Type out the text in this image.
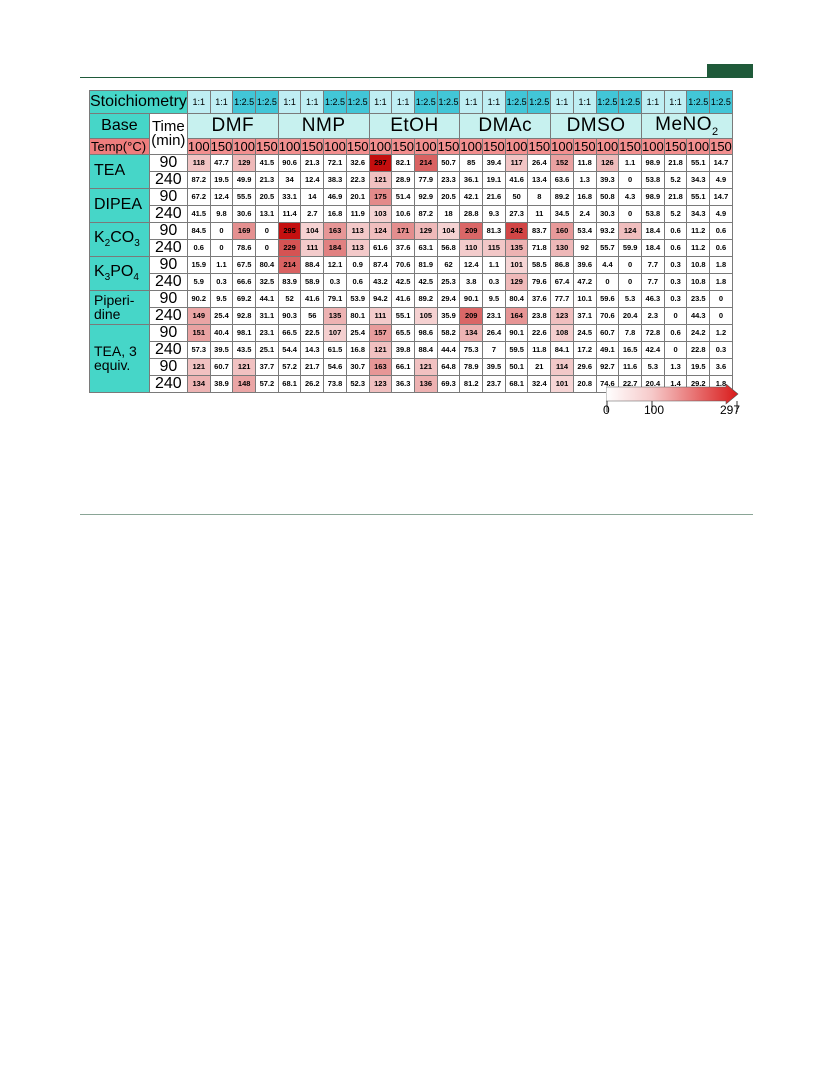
Stoichiometry		1:1	1:1	1:2.5	1:2.5	1:1	1:1	1:2.5	1:2.5	1:1	1:1	1:2.5	1:2.5	1:1	1:1	1:2.5	1:2.5	1:1	1:1	1:2.5	1:2.5	1:1	1:1	1:2.5	1:2.5
Base	Time (min)	DMF				NMP				EtOH				DMAc				DMSO				MeNO$_2$
Temp(°C)		100	150	100	150	100	150	100	150	100	150	100	150	100	150	100	150	100	150	100	150	100	150	100	150
TEA	90	118	47.7	129	41.5	90.6	21.3	72.1	32.6	297	82.1	214	50.7	85	39.4	117	26.4	152	11.8	126	1.1	98.9	21.8	55.1	14.7
	240	87.2	19.5	49.9	21.3	34	12.4	38.3	22.3	121	28.9	77.9	23.3	36.1	19.1	41.6	13.4	63.6	1.3	39.3	0	53.8	5.2	34.3	4.9
DIPEA	90	67.2	12.4	55.5	20.5	33.1	14	46.9	20.1	175	51.4	92.9	20.5	42.1	21.6	50	8	89.2	16.8	50.8	4.3	98.9	21.8	55.1	14.7
	240	41.5	9.8	30.6	13.1	11.4	2.7	16.8	11.9	103	10.6	87.2	18	28.8	9.3	27.3	11	34.5	2.4	30.3	0	53.8	5.2	34.3	4.9
$K_2CO_3$	90	84.5	0	169	0	295	104	163	113	124	171	129	104	209	81.3	242	83.7	160	53.4	93.2	124	18.4	0.6	11.2	0.6
	240	0.6	0	78.6	0	229	111	184	113	61.6	37.6	63.1	56.8	110	115	135	71.8	130	92	55.7	59.9	18.4	0.6	11.2	0.6
$K_3PO_4$	90	15.9	1.1	67.5	80.4	214	88.4	12.1	0.9	87.4	70.6	81.9	62	12.4	1.1	101	58.5	86.8	39.6	4.4	0	7.7	0.3	10.8	1.8
	240	5.9	0.3	66.6	32.5	83.9	58.9	0.3	0.6	43.2	42.5	42.5	25.3	3.8	0.3	129	79.6	67.4	47.2	0	0	7.7	0.3	10.8	1.8
Piperi-dine	90	90.2	9.5	69.2	44.1	52	41.6	79.1	53.9	94.2	41.6	89.2	29.4	90.1	9.5	80.4	37.6	77.7	10.1	59.6	5.3	46.3	0.3	23.5	0
	240	149	25.4	92.8	31.1	90.3	56	135	80.1	111	55.1	105	35.9	209	23.1	164	23.8	123	37.1	70.6	20.4	2.3	0	44.3	0
TEA, 3 equiv.	90	151	40.4	98.1	23.1	66.5	22.5	107	25.4	157	65.5	98.6	58.2	134	26.4	90.1	22.6	108	24.5	60.7	7.8	72.8	0.6	24.2	1.2
	240	57.3	39.5	43.5	25.1	54.4	14.3	61.5	16.8	121	39.8	88.4	44.4	75.3	7	59.5	11.8	84.1	17.2	49.1	16.5	42.4	0	22.8	0.3
	90	121	60.7	121	37.7	57.2	21.7	54.6	30.7	163	66.1	121	64.8	78.9	39.5	50.1	21	114	29.6	92.7	11.6	5.3	1.3	19.5	3.6
	240	134	38.9	148	57.2	68.1	26.2	73.8	52.3	123	36.3	136	69.3	81.2	23.7	68.1	32.4	101	20.8	74.6	22.7	20.4	1.4	29.2	1.8
0	100	297
